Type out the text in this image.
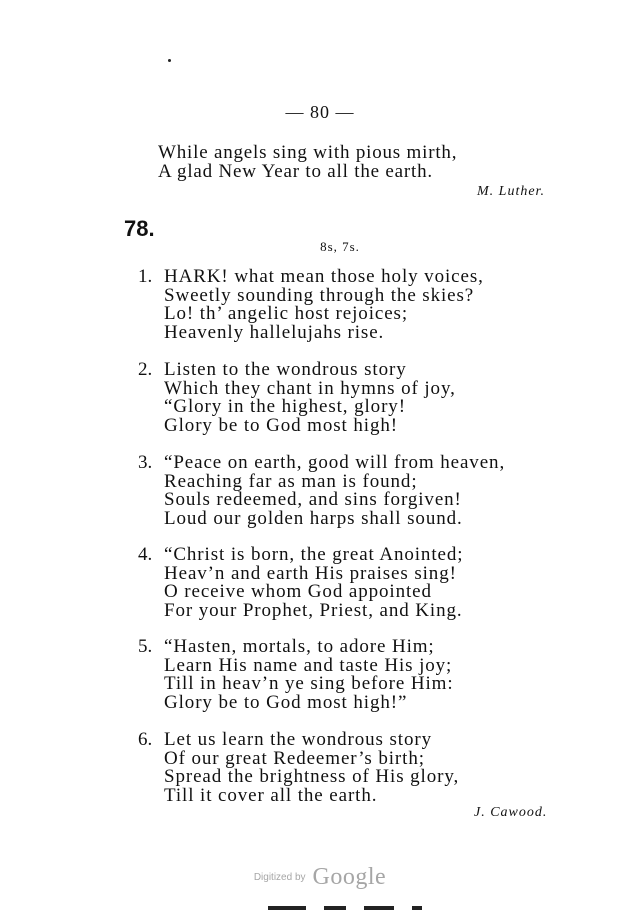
— 80 —
While angels sing with pious mirth,
A glad New Year to all the earth.
M. Luther.
78.
8s, 7s.
1. HARK! what mean those holy voices,
Sweetly sounding through the skies?
Lo! th’ angelic host rejoices;
Heavenly hallelujahs rise.
2. Listen to the wondrous story
Which they chant in hymns of joy,
“Glory in the highest, glory!
Glory be to God most high!
3. “Peace on earth, good will from heaven,
Reaching far as man is found;
Souls redeemed, and sins forgiven!
Loud our golden harps shall sound.
4. “Christ is born, the great Anointed;
Heav’n and earth His praises sing!
O receive whom God appointed
For your Prophet, Priest, and King.
5. “Hasten, mortals, to adore Him;
Learn His name and taste His joy;
Till in heav’n ye sing before Him:
Glory be to God most high!”
6. Let us learn the wondrous story
Of our great Redeemer’s birth;
Spread the brightness of His glory,
Till it cover all the earth.
J. Cawood.
Digitized by Google
